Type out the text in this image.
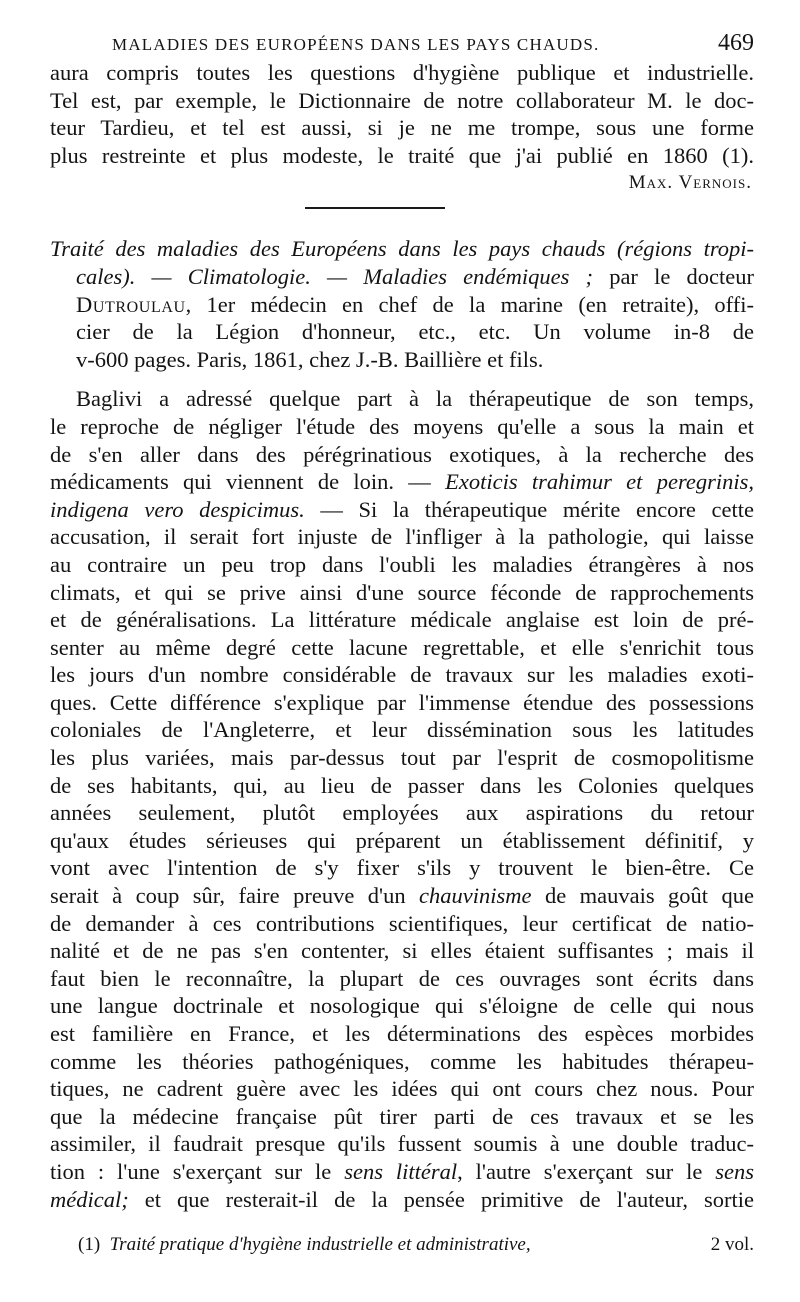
MALADIES DES EUROPÉENS DANS LES PAYS CHAUDS.	469
aura compris toutes les questions d'hygiène publique et industrielle.
Tel est, par exemple, le Dictionnaire de notre collaborateur M. le doc-
teur Tardieu, et tel est aussi, si je ne me trompe, sous une forme
plus restreinte et plus modeste, le traité que j'ai publié en 1860 (1).
Max. Vernois.
Traité des maladies des Européens dans les pays chauds (régions tropi-
cales). — Climatologie. — Maladies endémiques ; par le docteur
Dutroulau, 1er médecin en chef de la marine (en retraite), offi-
cier de la Légion d'honneur, etc., etc. Un volume in-8 de
v-600 pages. Paris, 1861, chez J.-B. Baillière et fils.
Baglivi a adressé quelque part à la thérapeutique de son temps,
le reproche de négliger l'étude des moyens qu'elle a sous la main et
de s'en aller dans des pérégrinatious exotiques, à la recherche des
médicaments qui viennent de loin. — Exoticis trahimur et peregrinis,
indigena vero despicimus. — Si la thérapeutique mérite encore cette
accusation, il serait fort injuste de l'infliger à la pathologie, qui laisse
au contraire un peu trop dans l'oubli les maladies étrangères à nos
climats, et qui se prive ainsi d'une source féconde de rapprochements
et de généralisations. La littérature médicale anglaise est loin de pré-
senter au même degré cette lacune regrettable, et elle s'enrichit tous
les jours d'un nombre considérable de travaux sur les maladies exoti-
ques. Cette différence s'explique par l'immense étendue des possessions
coloniales de l'Angleterre, et leur dissémination sous les latitudes
les plus variées, mais par-dessus tout par l'esprit de cosmopolitisme
de ses habitants, qui, au lieu de passer dans les Colonies quelques
années seulement, plutôt employées aux aspirations du retour
qu'aux études sérieuses qui préparent un établissement définitif, y
vont avec l'intention de s'y fixer s'ils y trouvent le bien-être. Ce
serait à coup sûr, faire preuve d'un chauvinisme de mauvais goût que
de demander à ces contributions scientifiques, leur certificat de natio-
nalité et de ne pas s'en contenter, si elles étaient suffisantes ; mais il
faut bien le reconnaître, la plupart de ces ouvrages sont écrits dans
une langue doctrinale et nosologique qui s'éloigne de celle qui nous
est familière en France, et les déterminations des espèces morbides
comme les théories pathogéniques, comme les habitudes thérapeu-
tiques, ne cadrent guère avec les idées qui ont cours chez nous. Pour
que la médecine française pût tirer parti de ces travaux et se les
assimiler, il faudrait presque qu'ils fussent soumis à une double traduc-
tion : l'une s'exerçant sur le sens littéral, l'autre s'exerçant sur le sens
médical; et que resterait-il de la pensée primitive de l'auteur, sortie
(1) Traité pratique d'hygiène industrielle et administrative,	2 vol.
